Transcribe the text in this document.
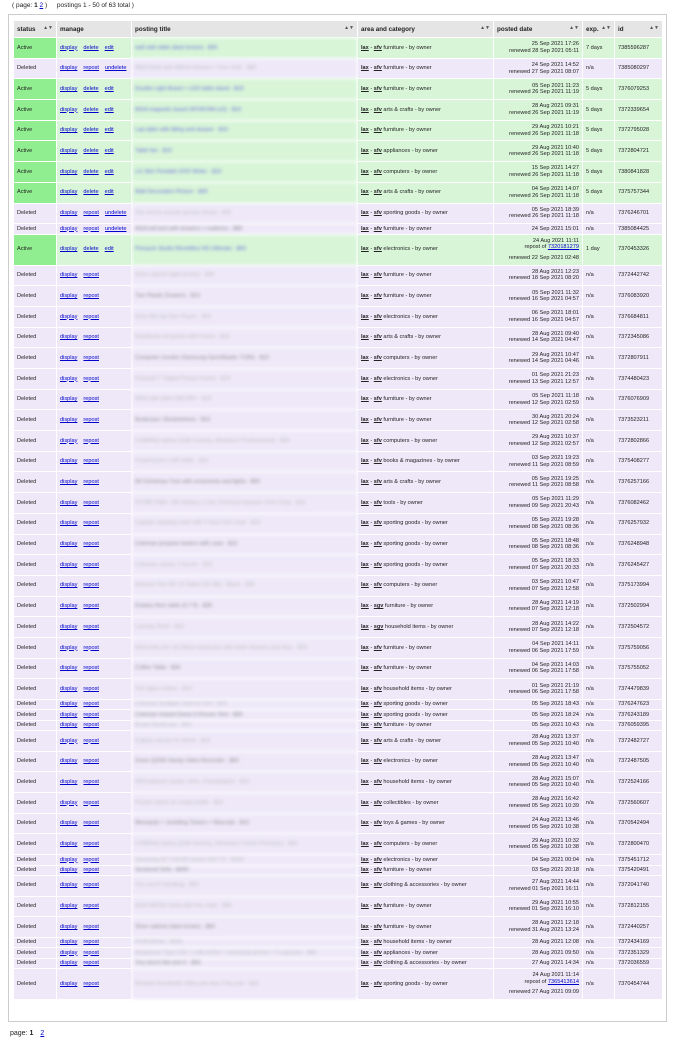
( page: 1 2 ) postings 1 - 50 of 63 total )
status ▲▼	manage	posting title ▲▼	area and category ▲▼	posted date ▲▼	exp. ▲▼	id ▲▼

Active	display delete edit	wall side table (dark brown) - $26	lax - sfv furniture - by owner	25 Sep 2021 17:26
renewed 28 Sep 2021 05:11	7 days	7385596287
Deleted	display repost undelete	IKEA Desk with MALM drawers + free chair - $80	lax - sfv furniture - by owner	24 Sep 2021 14:52
renewed 27 Sep 2021 08:07	n/a	7385080297
Active	display delete edit	Double Light Board + LED table stand - $18	lax - sfv furniture - by owner	05 Sep 2021 11:23
renewed 26 Sep 2021 11:19	5 days	7376079253
Active	display delete edit	IKEA magnetic board SPONTAN (x2) - $10	lax - sfv arts & crafts - by owner	28 Aug 2021 09:31
renewed 26 Sep 2021 11:19	5 days	7372339654
Active	display delete edit	Lap table with tilting and drawer - $10	lax - sfv furniture - by owner	29 Aug 2021 10:21
renewed 26 Sep 2021 11:18	5 days	7372795028
Active	display delete edit	Table fan - $10	lax - sfv appliances - by owner	29 Aug 2021 10:40
renewed 26 Sep 2021 11:18	5 days	7372804721
Active	display delete edit	LG Slim Portable DVD Writer - $10	lax - sfv computers - by owner	15 Sep 2021 14:27
renewed 26 Sep 2021 11:18	5 days	7380841828
Active	display delete edit	Wall Decoration Picture - $20	lax - sfv arts & crafts - by owner	04 Sep 2021 14:07
renewed 26 Sep 2021 11:18	5 days	7375757344
Deleted	display repost undelete	Two tennis rackets (prince shark) - $26	lax - sfv sporting goods - by owner	05 Sep 2021 18:39
renewed 26 Sep 2021 11:18	n/a	7376246701
Deleted	display repost undelete	IKEA loft bed with drawers + mattress - $80	lax - sfv furniture - by owner	24 Sep 2021 15:01	n/a	7385084425
Active	display delete edit	Pinnacle Studio MovieBox HD Ultimate - $50	lax - sfv electronics - by owner	24 Aug 2021 11:11
repost of 7320181279
renewed 22 Sep 2021 02:48	1 day	7370453326
Deleted	display repost	Shoe cabinet (light brown) - $26	lax - sfv furniture - by owner	28 Aug 2021 12:23
renewed 18 Sep 2021 08:20	n/a	7372442742
Deleted	display repost	Two Plastic Drawers - $10	lax - sfv furniture - by owner	05 Sep 2021 11:32
renewed 16 Sep 2021 04:57	n/a	7376083920
Deleted	display repost	Sony Blu-ray Disc Player - $10	lax - sfv electronics - by owner	06 Sep 2021 18:01
renewed 16 Sep 2021 04:57	n/a	7376684811
Deleted	display repost	Kandinsky art poster with Frame - $10	lax - sfv arts & crafts - by owner	28 Aug 2021 09:40
renewed 14 Sep 2021 04:47	n/a	7372345086
Deleted	display repost	Computer monitor (Samsung SyncMaster 713N) - $10	lax - sfv computers - by owner	29 Aug 2021 10:47
renewed 14 Sep 2021 04:46	n/a	7372807911
Deleted	display repost	Polaroid 7" Digital Picture Frame - $10	lax - sfv electronics - by owner	01 Sep 2021 21:23
renewed 13 Sep 2021 12:57	n/a	7374480423
Deleted	display repost	IKEA side table DALOBY - $10	lax - sfv furniture - by owner	05 Sep 2021 11:18
renewed 12 Sep 2021 02:59	n/a	7376076909
Deleted	display repost	Bookcase / Bookshelves - $10	lax - sfv furniture - by owner	30 Aug 2021 20:24
renewed 12 Sep 2021 02:58	n/a	7373523211
Deleted	display repost	COMPAQ laptop (2GB memory, Windows7 Professional) - $20	lax - sfv computers - by owner	29 Aug 2021 10:37
renewed 12 Sep 2021 02:57	n/a	7372802866
Deleted	display repost	PowerScore LSAT bible - $10	lax - sfv books & magazines - by owner	03 Sep 2021 19:23
renewed 11 Sep 2021 08:59	n/a	7375408277
Deleted	display repost	6ft Christmas Tree with ornaments and lights - $50	lax - sfv arts & crafts - by owner	05 Sep 2021 19:25
renewed 11 Sep 2021 08:58	n/a	7376257166
Deleted	display repost	RYOBI ONE+ 18V Battery 1 Gal. Chemical Sprayer (Tool Only) - $10	lax - sfv tools - by owner	05 Sep 2021 11:29
renewed 09 Sep 2021 20:43	n/a	7376082462
Deleted	display repost	Captain camping chair with 2 more free chair - $10	lax - sfv sporting goods - by owner	05 Sep 2021 19:28
renewed 08 Sep 2021 08:36	n/a	7376257932
Deleted	display repost	Coleman propane lantern with case - $10	lax - sfv sporting goods - by owner	05 Sep 2021 18:48
renewed 08 Sep 2021 08:36	n/a	7376248948
Deleted	display repost	Coleman classic 2 burner - $10	lax - sfv sporting goods - by owner	05 Sep 2021 18:33
renewed 07 Sep 2021 20:33	n/a	7376245427
Deleted	display repost	Amazon Fire HD 10 Tablet (32 GB) - Black - $30	lax - sfv computers - by owner	03 Sep 2021 10:47
renewed 07 Sep 2021 12:58	n/a	7375173994
Deleted	display repost	Kotatsu floor table (3.7 ft) - $30	lax - sgv furniture - by owner	28 Aug 2021 14:19
renewed 07 Sep 2021 12:18	n/a	7372502994
Deleted	display repost	Laundry Rack - $10	lax - sgv household items - by owner	28 Aug 2021 14:22
renewed 07 Sep 2021 12:18	n/a	7372504572
Deleted	display repost	IKEA KALLAX 2x2 Black bookcase with white drawers and door - $30	lax - sfv furniture - by owner	04 Sep 2021 14:11
renewed 06 Sep 2021 17:59	n/a	7375759056
Deleted	display repost	Coffee Table - $30	lax - sfv furniture - by owner	04 Sep 2021 14:03
renewed 06 Sep 2021 17:58	n/a	7375755052
Deleted	display repost	Tom Igloo Icebox - $10	lax - sfv household items - by owner	01 Sep 2021 21:19
renewed 06 Sep 2021 17:58	n/a	7374479839
Deleted	display repost	Coleman foodigan Xpercer tent - $10	lax - sfv sporting goods - by owner	05 Sep 2021 18:43	n/a	7376247623
Deleted	display repost	Coleman Instant Dome 5 Person Tent - $30	lax - sfv sporting goods - by owner	05 Sep 2021 18:24	n/a	7376243189
Deleted	display repost	Brown Bookcase - $10	lax - sfv furniture - by owner	05 Sep 2021 10:43	n/a	7376059395
Deleted	display repost	9 glass canvas for Novie - $10	lax - sfv arts & crafts - by owner	28 Aug 2021 13:37
renewed 05 Sep 2021 10:40	n/a	7372482727
Deleted	display repost	Zoom Q2HD Handy Video Recorder - $50	lax - sfv electronics - by owner	28 Aug 2021 13:47
renewed 05 Sep 2021 10:40	n/a	7372487505
Deleted	display repost	IKEA glasses (water, wine, Champagne) - $10	lax - sfv household items - by owner	28 Aug 2021 15:07
renewed 05 Sep 2021 10:40	n/a	7372524166
Deleted	display repost	Puzzle robots 21 empty bottle - $10	lax - sfv collectibles - by owner	28 Aug 2021 16:42
renewed 05 Sep 2021 10:39	n/a	7372560607
Deleted	display repost	Monopoly + Jumbling Towers + Mancala - $10	lax - sfv toys & games - by owner	24 Aug 2021 13:46
renewed 05 Sep 2021 10:38	n/a	7370542494
Deleted	display repost	COMPAQ laptop (2GB memory, Windows7 Home Premium) - $20	lax - sfv computers - by owner	29 Aug 2021 10:32
renewed 05 Sep 2021 10:38	n/a	7372800470
Deleted	display repost	Samsung 40" Full HD Smart LED TV - $150	lax - sfv electronics - by owner	04 Sep 2021 00:04	n/a	7375451712
Deleted	display repost	Sectional Sofa - $400	lax - sfv furniture - by owner	03 Sep 2021 20:18	n/a	7375420491
Deleted	display repost	Tory burch handbag - $50	lax - sfv clothing & accessories - by owner	27 Aug 2021 14:44
renewed 01 Sep 2021 16:11	n/a	7372041740
Deleted	display repost	IKEA MICKE Desk with free chair - $40	lax - sfv furniture - by owner	29 Aug 2021 10:55
renewed 01 Sep 2021 16:10	n/a	7372812155
Deleted	display repost	Shoe cabinet (dark brown) - $60	lax - sfv furniture - by owner	28 Aug 2021 12:18
renewed 31 Aug 2021 13:24	n/a	7372440257
Deleted	display repost	Perfectdraw - $150	lax - sfv household items - by owner	28 Aug 2021 12:08	n/a	7372434169
Deleted	display repost	Nespresso Typo Citiz + milk frother + steaming pitcher + 6 capsules - $80	lax - sfv appliances - by owner	28 Aug 2021 09:50	n/a	7372351329
Deleted	display repost	Tory burch flat size 6 - $50	lax - sfv clothing & accessories - by owner	27 Aug 2021 14:34	n/a	7372036559
Deleted	display repost	Reebok Dumbbells 10lbs pair plus 3 lbs pair - $20	lax - sfv sporting goods - by owner	24 Aug 2021 11:14
repost of 7365413614
renewed 27 Aug 2021 09:09	n/a	7370454744
page: 1 2
